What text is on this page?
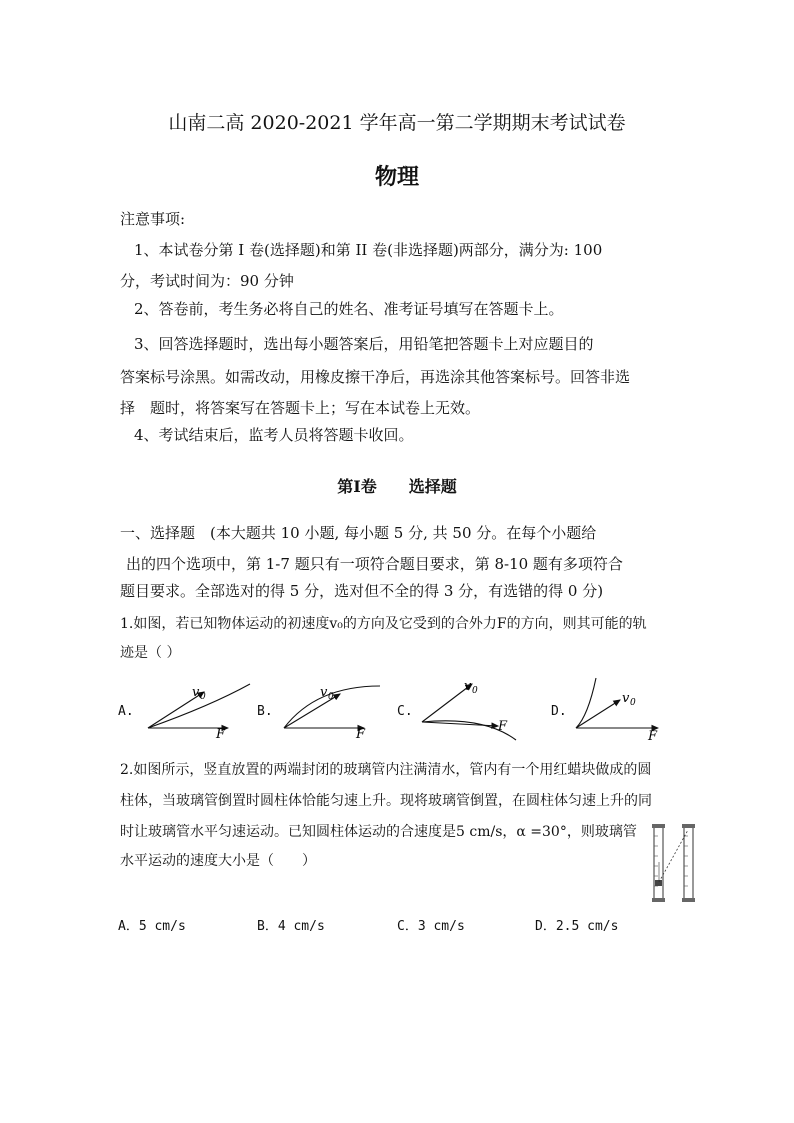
山南二高 2020-2021 学年高一第二学期期末考试试卷
物理
注意事项:
1、本试卷分第 I 卷(选择题)和第 II 卷(非选择题)两部分，满分为: 100
分，考试时间为：90 分钟
2、答卷前，考生务必将自己的姓名、准考证号填写在答题卡上。
3、回答选择题时，选出每小题答案后，用铅笔把答题卡上对应题目的
答案标号涂黑。如需改动，用橡皮擦干净后，再选涂其他答案标号。回答非选
择　题时，将答案写在答题卡上；写在本试卷上无效。
4、考试结束后，监考人员将答题卡收回。
第Ⅰ卷　　选择题
一、选择题　(本大题共 10 小题, 每小题 5 分, 共 50 分。在每个小题给
出的四个选项中，第 1-7 题只有一项符合题目要求，第 8-10 题有多项符合
题目要求。全部选对的得 5 分，选对但不全的得 3 分，有选错的得 0 分)
1.如图，若已知物体运动的初速度v₀的方向及它受到的合外力F的方向，则其可能的轨
迹是（ ）
A.	B.	C.	D.
v 0
F
v 0
F
v 0
F
v 0
F
2.如图所示，竖直放置的两端封闭的玻璃管内注满清水，管内有一个用红蜡块做成的圆
柱体，当玻璃管倒置时圆柱体恰能匀速上升。现将玻璃管倒置，在圆柱体匀速上升的同
时让玻璃管水平匀速运动。已知圆柱体运动的合速度是5 cm/s，α =30°，则玻璃管
水平运动的速度大小是（　　）
A．5 cm/s	B．4 cm/s	C．3 cm/s	D．2.5 cm/s
